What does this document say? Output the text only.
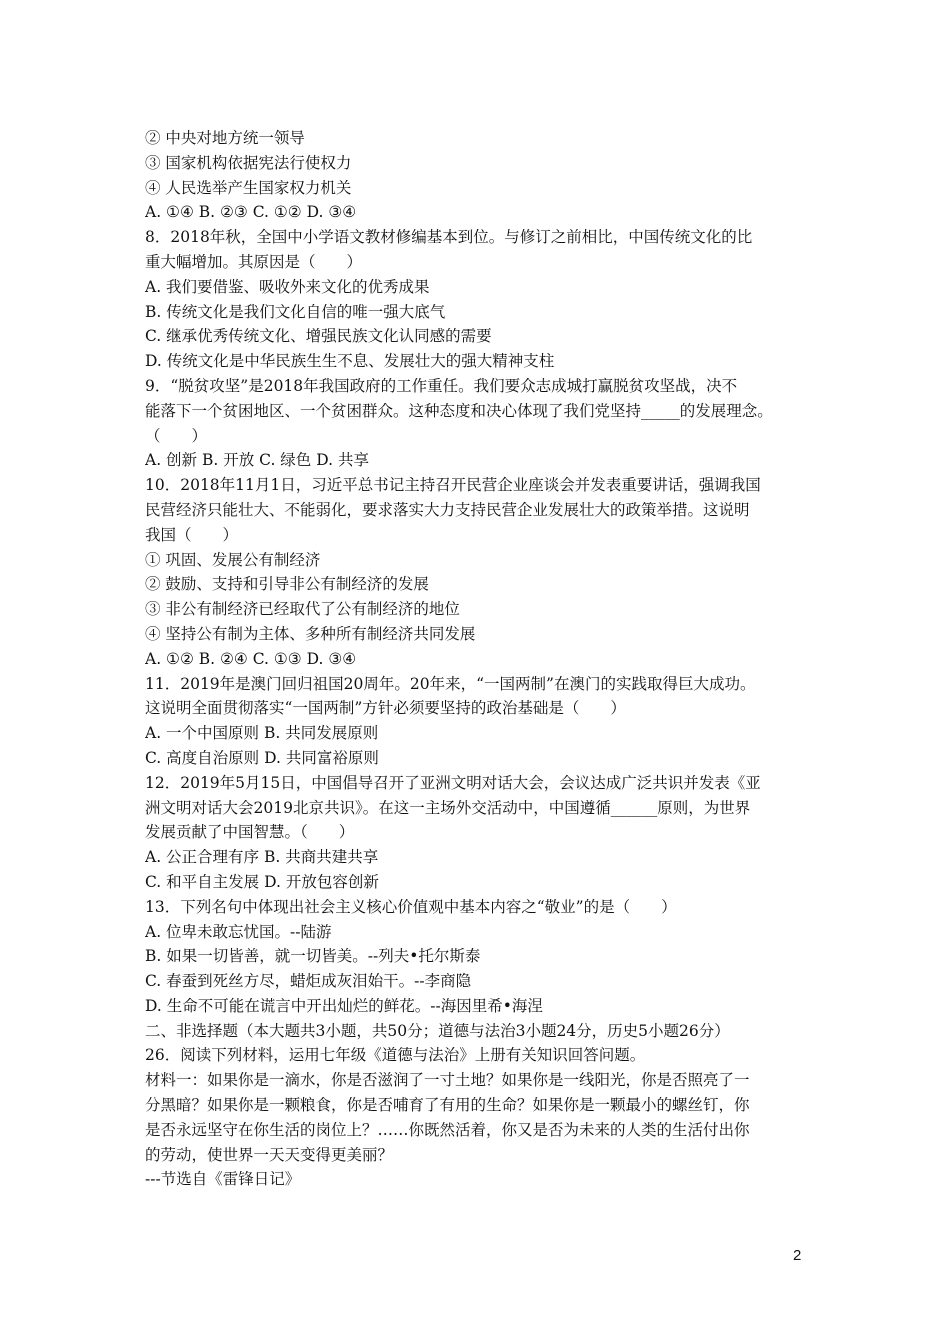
② 中央对地方统一领导
③ 国家机构依据宪法行使权力
④ 人民选举产生国家权力机关
A. ①④ B. ②③ C. ①② D. ③④
8．2018年秋，全国中小学语文教材修编基本到位。与修订之前相比，中国传统文化的比
重大幅增加。其原因是（　　）
A. 我们要借鉴、吸收外来文化的优秀成果
B. 传统文化是我们文化自信的唯一强大底气
C. 继承优秀传统文化、增强民族文化认同感的需要
D. 传统文化是中华民族生生不息、发展壮大的强大精神支柱
9．“脱贫攻坚”是2018年我国政府的工作重任。我们要众志成城打赢脱贫攻坚战，决不
能落下一个贫困地区、一个贫困群众。这种态度和决心体现了我们党坚持_____的发展理念。
（　　）
A. 创新 B. 开放 C. 绿色 D. 共享
10．2018年11月1日，习近平总书记主持召开民营企业座谈会并发表重要讲话，强调我国
民营经济只能壮大、不能弱化，要求落实大力支持民营企业发展壮大的政策举措。这说明
我国（　　）
① 巩固、发展公有制经济
② 鼓励、支持和引导非公有制经济的发展
③ 非公有制经济已经取代了公有制经济的地位
④ 坚持公有制为主体、多种所有制经济共同发展
A. ①② B. ②④ C. ①③ D. ③④
11．2019年是澳门回归祖国20周年。20年来，“一国两制”在澳门的实践取得巨大成功。
这说明全面贯彻落实“一国两制”方针必须要坚持的政治基础是（　　）
A. 一个中国原则 B. 共同发展原则
C. 高度自治原则 D. 共同富裕原则
12．2019年5月15日，中国倡导召开了亚洲文明对话大会，会议达成广泛共识并发表《亚
洲文明对话大会2019北京共识》。在这一主场外交活动中，中国遵循______原则，为世界
发展贡献了中国智慧。（　　）
A. 公正合理有序 B. 共商共建共享
C. 和平自主发展 D. 开放包容创新
13．下列名句中体现出社会主义核心价值观中基本内容之“敬业”的是（　　）
A. 位卑未敢忘忧国。--陆游
B. 如果一切皆善，就一切皆美。--列夫•托尔斯泰
C. 春蚕到死丝方尽，蜡炬成灰泪始干。--李商隐
D. 生命不可能在谎言中开出灿烂的鲜花。--海因里希•海涅
二、非选择题（本大题共3小题，共50分；道德与法治3小题24分，历史5小题26分）
26．阅读下列材料，运用七年级《道德与法治》上册有关知识回答问题。
材料一：如果你是一滴水，你是否滋润了一寸土地？如果你是一线阳光，你是否照亮了一
分黑暗？如果你是一颗粮食，你是否哺育了有用的生命？如果你是一颗最小的螺丝钉，你
是否永远坚守在你生活的岗位上？……你既然活着，你又是否为未来的人类的生活付出你
的劳动，使世界一天天变得更美丽？
---节选自《雷锋日记》
2
